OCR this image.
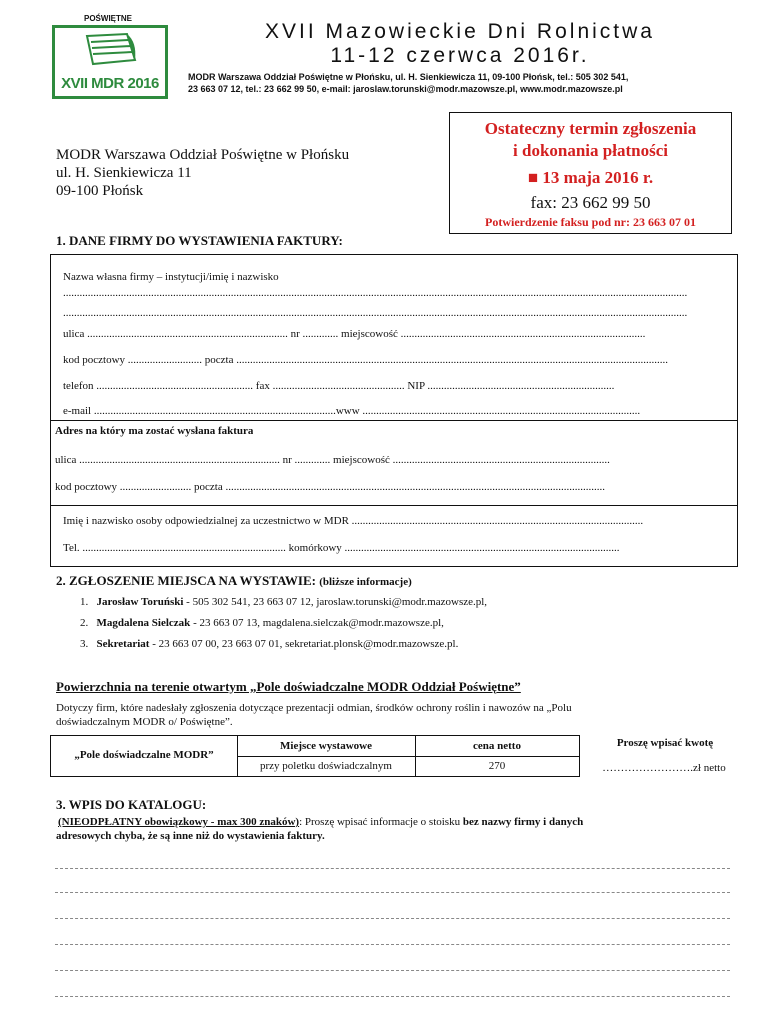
POŚWIĘTNE
XVII MDR 2016
XVII Mazowieckie Dni Rolnictwa
11-12 czerwca 2016r.
MODR Warszawa Oddział Poświętne w Płońsku, ul. H. Sienkiewicza 11, 09-100 Płońsk, tel.: 505 302 541,
23 663 07 12, tel.: 23 662 99 50, e-mail: jaroslaw.torunski@modr.mazowsze.pl, www.modr.mazowsze.pl
MODR Warszawa Oddział Poświętne w Płońsku
ul. H. Sienkiewicza 11
09-100 Płońsk
Ostateczny termin zgłoszenia
i dokonania płatności
■ 13 maja 2016 r.
fax: 23 662 99 50
Potwierdzenie faksu pod nr: 23 663 07 01
1. DANE FIRMY DO WYSTAWIENIA FAKTURY:
Nazwa własna firmy – instytucji/imię i nazwisko
...................................................................................................................................................................................................................................
...................................................................................................................................................................................................................................
ulica ......................................................................... nr ............. miejscowość .........................................................................................
kod pocztowy ........................... poczta .............................................................................................................................................................
telefon ......................................................... fax ................................................ NIP ....................................................................
e-mail ........................................................................................www .....................................................................................................
Adres na który ma zostać wysłana faktura
ulica ......................................................................... nr ............. miejscowość ...............................................................................
kod pocztowy .......................... poczta ..........................................................................................................................................
Imię i nazwisko osoby odpowiedzialnej za uczestnictwo w MDR ..........................................................................................................
Tel. .......................................................................... komórkowy ....................................................................................................
2. ZGŁOSZENIE MIEJSCA NA WYSTAWIE: (bliższe informacje)
1. Jarosław Toruński - 505 302 541, 23 663 07 12, jaroslaw.torunski@modr.mazowsze.pl,
2. Magdalena Sielczak - 23 663 07 13, magdalena.sielczak@modr.mazowsze.pl,
3. Sekretariat - 23 663 07 00, 23 663 07 01, sekretariat.plonsk@modr.mazowsze.pl.
Powierzchnia na terenie otwartym „Pole doświadczalne MODR Oddział Poświętne”
Dotyczy firm, które nadesłały zgłoszenia dotyczące prezentacji odmian, środków ochrony roślin i nawozów na „Polu
doświadczalnym MODR o/ Poświętne”.
„Pole doświadczalne MODR”
Miejsce wystawowe
przy poletku doświadczalnym
cena netto
270
Proszę wpisać kwotę
…………………….zł netto
3. WPIS DO KATALOGU:
(NIEODPŁATNY obowiązkowy - max 300 znaków): Proszę wpisać informacje o stoisku bez nazwy firmy i danych
adresowych chyba, że są inne niż do wystawienia faktury.
